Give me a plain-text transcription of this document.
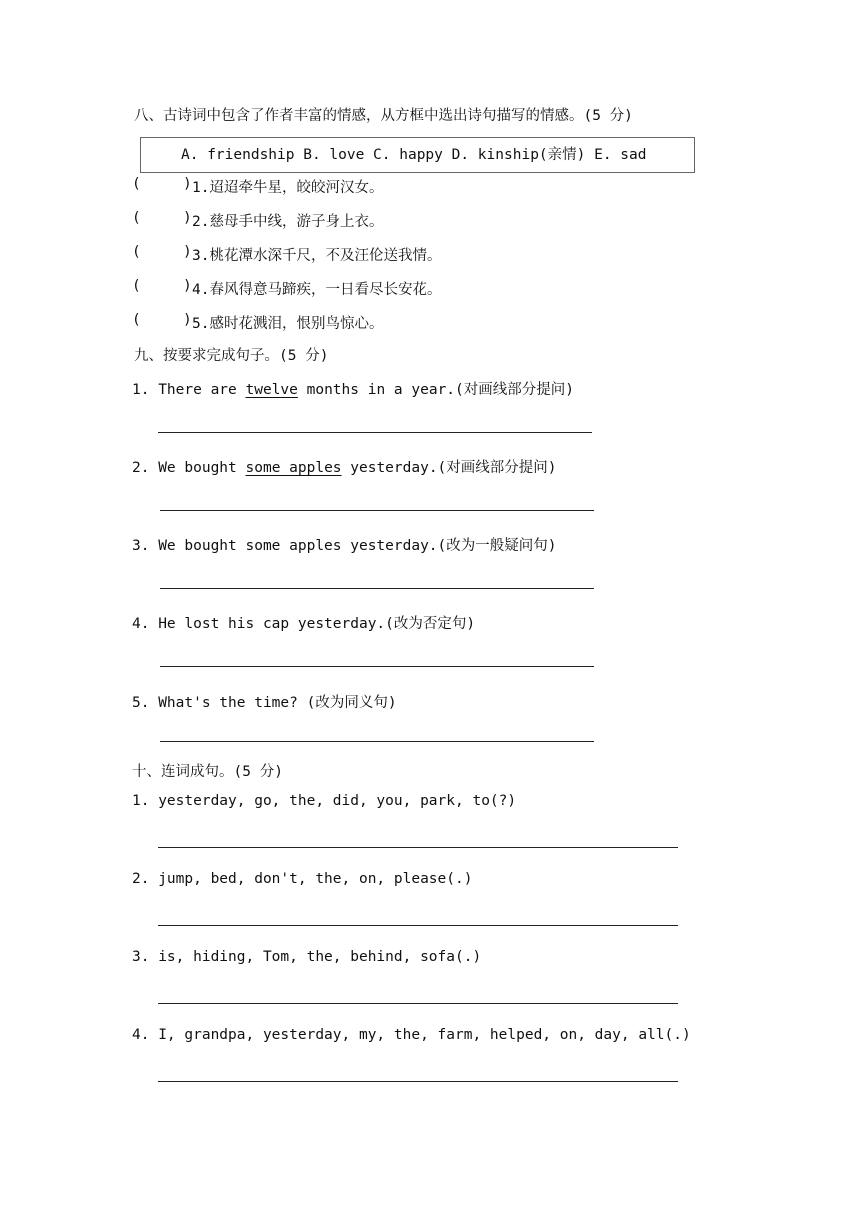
八、古诗词中包含了作者丰富的情感，从方框中选出诗句描写的情感。(5 分)
A. friendship B. love C. happy D. kinship(亲情) E. sad
(	) 1.迢迢牵牛星，皎皎河汉女。
(	) 2.慈母手中线，游子身上衣。
(	) 3.桃花潭水深千尺，不及汪伦送我情。
(	) 4.春风得意马蹄疾，一日看尽长安花。
(	) 5.感时花溅泪，恨别鸟惊心。
九、按要求完成句子。(5 分)
1. There are twelve months in a year.(对画线部分提问)
2. We bought some apples yesterday.(对画线部分提问)
3. We bought some apples yesterday.(改为一般疑问句)
4. He lost his cap yesterday.(改为否定句)
5. What's the time? (改为同义句)
十、连词成句。(5 分)
1. yesterday, go, the, did, you, park, to(?)
2. jump, bed, don't, the, on, please(.)
3. is, hiding, Tom, the, behind, sofa(.)
4. I, grandpa, yesterday, my, the, farm, helped, on, day, all(.)
